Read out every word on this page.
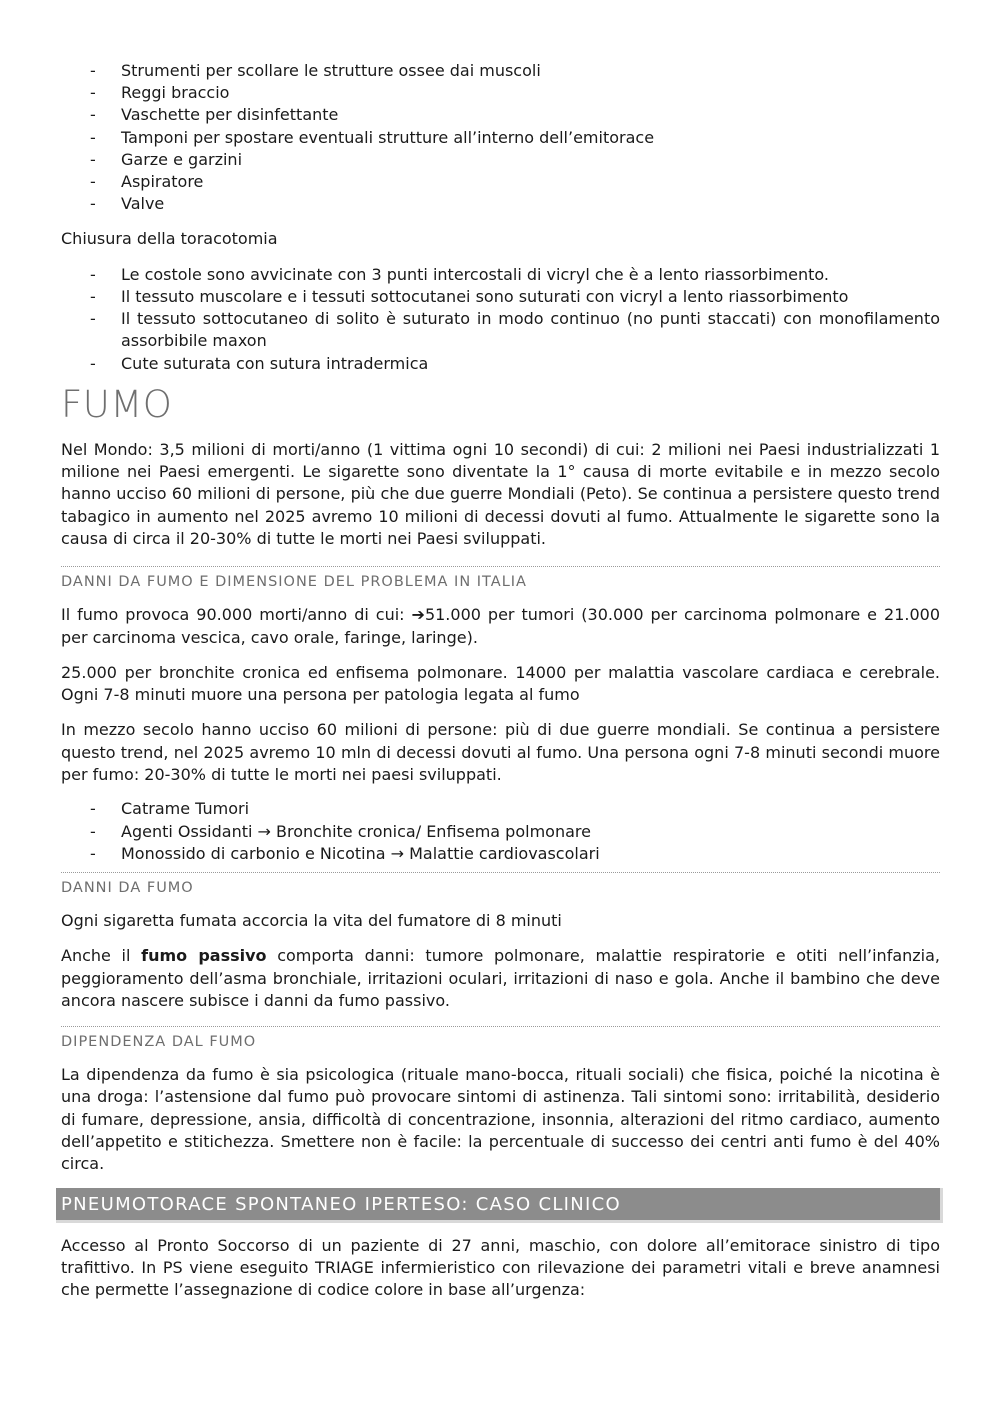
- Strumenti per scollare le strutture ossee dai muscoli
- Reggi braccio
- Vaschette per disinfettante
- Tamponi per spostare eventuali strutture all’interno dell’emitorace
- Garze e garzini
- Aspiratore
- Valve

Chiusura della toracotomia

- Le costole sono avvicinate con 3 punti intercostali di vicryl che è a lento riassorbimento.
- Il tessuto muscolare e i tessuti sottocutanei sono suturati con vicryl a lento riassorbimento
- Il tessuto sottocutaneo di solito è suturato in modo continuo (no punti staccati) con monofilamento assorbibile maxon
- Cute suturata con sutura intradermica
FUMO

Nel Mondo: 3,5 milioni di morti/anno (1 vittima ogni 10 secondi) di cui: 2 milioni nei Paesi industrializzati 1 milione nei Paesi emergenti. Le sigarette sono diventate la 1° causa di morte evitabile e in mezzo secolo hanno ucciso 60 milioni di persone, più che due guerre Mondiali (Peto). Se continua a persistere questo trend tabagico in aumento nel 2025 avremo 10 milioni di decessi dovuti al fumo. Attualmente le sigarette sono la causa di circa il 20-30% di tutte le morti nei Paesi sviluppati.

DANNI DA FUMO E DIMENSIONE DEL PROBLEMA IN ITALIA

Il fumo provoca 90.000 morti/anno di cui: ➔51.000 per tumori (30.000 per carcinoma polmonare e 21.000 per carcinoma vescica, cavo orale, faringe, laringe).

25.000 per bronchite cronica ed enfisema polmonare. 14000 per malattia vascolare cardiaca e cerebrale. Ogni 7-8 minuti muore una persona per patologia legata al fumo

In mezzo secolo hanno ucciso 60 milioni di persone: più di due guerre mondiali. Se continua a persistere questo trend, nel 2025 avremo 10 mln di decessi dovuti al fumo. Una persona ogni 7-8 minuti secondi muore per fumo: 20-30% di tutte le morti nei paesi sviluppati.

- Catrame Tumori
- Agenti Ossidanti → Bronchite cronica/ Enfisema polmonare
- Monossido di carbonio e Nicotina → Malattie cardiovascolari
DANNI DA FUMO

Ogni sigaretta fumata accorcia la vita del fumatore di 8 minuti

Anche il fumo passivo comporta danni: tumore polmonare, malattie respiratorie e otiti nell’infanzia, peggioramento dell’asma bronchiale, irritazioni oculari, irritazioni di naso e gola. Anche il bambino che deve ancora nascere subisce i danni da fumo passivo.

DIPENDENZA DAL FUMO

La dipendenza da fumo è sia psicologica (rituale mano-bocca, rituali sociali) che fisica, poiché la nicotina è una droga: l’astensione dal fumo può provocare sintomi di astinenza. Tali sintomi sono: irritabilità, desiderio di fumare, depressione, ansia, difficoltà di concentrazione, insonnia, alterazioni del ritmo cardiaco, aumento dell’appetito e stitichezza. Smettere non è facile: la percentuale di successo dei centri anti fumo è del 40% circa.

PNEUMOTORACE SPONTANEO IPERTESO: CASO CLINICO

Accesso al Pronto Soccorso di un paziente di 27 anni, maschio, con dolore all’emitorace sinistro di tipo trafittivo. In PS viene eseguito TRIAGE infermieristico con rilevazione dei parametri vitali e breve anamnesi che permette l’assegnazione di codice colore in base all’urgenza:
